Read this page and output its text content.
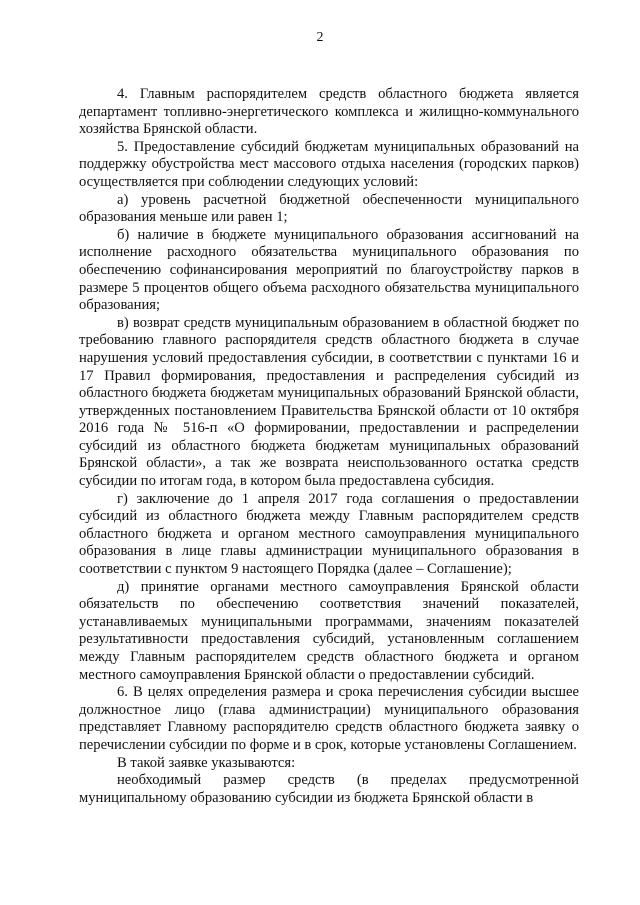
2

4. Главным распорядителем средств областного бюджета является департамент топливно-энергетического комплекса и жилищно-коммунального хозяйства Брянской области.

5. Предоставление субсидий бюджетам муниципальных образований на поддержку обустройства мест массового отдыха населения (городских парков) осуществляется при соблюдении следующих условий:

а) уровень расчетной бюджетной обеспеченности муниципального образования меньше или равен 1;

б) наличие в бюджете муниципального образования ассигнований на исполнение расходного обязательства муниципального образования по обеспечению софинансирования мероприятий по благоустройству парков в размере 5 процентов общего объема расходного обязательства муниципального образования;

в) возврат средств муниципальным образованием в областной бюджет по требованию главного распорядителя средств областного бюджета в случае нарушения условий предоставления субсидии, в соответствии с пунктами 16 и 17 Правил формирования, предоставления и распределения субсидий из областного бюджета бюджетам муниципальных образований Брянской области, утвержденных постановлением Правительства Брянской области от 10 октября 2016 года № 516-п «О формировании, предоставлении и распределении субсидий из областного бюджета бюджетам муниципальных образований Брянской области», а так же возврата неиспользованного остатка средств субсидии по итогам года, в котором была предоставлена субсидия.

г) заключение до 1 апреля 2017 года соглашения о предоставлении субсидий из областного бюджета между Главным распорядителем средств областного бюджета и органом местного самоуправления муниципального образования в лице главы администрации муниципального образования в соответствии с пунктом 9 настоящего Порядка (далее – Соглашение);

д) принятие органами местного самоуправления Брянской области обязательств по обеспечению соответствия значений показателей, устанавливаемых муниципальными программами, значениям показателей результативности предоставления субсидий, установленным соглашением между Главным распорядителем средств областного бюджета и органом местного самоуправления Брянской области о предоставлении субсидий.

6. В целях определения размера и срока перечисления субсидии высшее должностное лицо (глава администрации) муниципального образования представляет Главному распорядителю средств областного бюджета заявку о перечислении субсидии по форме и в срок, которые установлены Соглашением.

В такой заявке указываются:

необходимый размер средств (в пределах предусмотренной муниципальному образованию субсидии из бюджета Брянской области в
